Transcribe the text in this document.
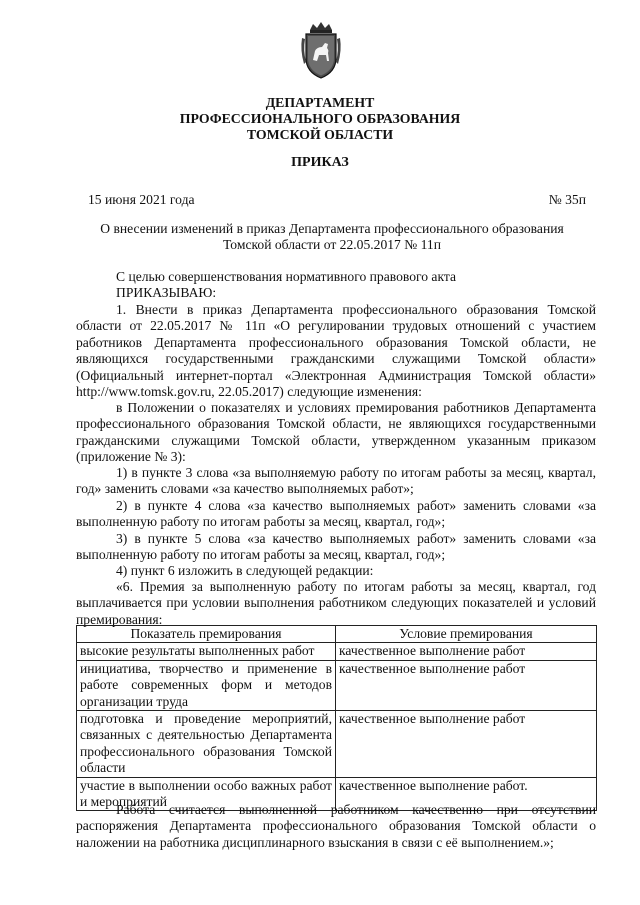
ДЕПАРТАМЕНТ
ПРОФЕССИОНАЛЬНОГО ОБРАЗОВАНИЯ
ТОМСКОЙ ОБЛАСТИ
ПРИКАЗ
15 июня 2021 года	№ 35п
О внесении изменений в приказ Департамента профессионального образования
Томской области от 22.05.2017 № 11п
С целью совершенствования нормативного правового акта
ПРИКАЗЫВАЮ:
1. Внести в приказ Департамента профессионального образования Томской области от 22.05.2017 № 11п «О регулировании трудовых отношений с участием работников Департамента профессионального образования Томской области, не являющихся государственными гражданскими служащими Томской области» (Официальный интернет-портал «Электронная Администрация Томской области» http://www.tomsk.gov.ru, 22.05.2017) следующие изменения:
в Положении о показателях и условиях премирования работников Департамента профессионального образования Томской области, не являющихся государственными гражданскими служащими Томской области, утвержденном указанным приказом (приложение № 3):
1) в пункте 3 слова «за выполняемую работу по итогам работы за месяц, квартал, год» заменить словами «за качество выполняемых работ»;
2) в пункте 4 слова «за качество выполняемых работ» заменить словами «за выполненную работу по итогам работы за месяц, квартал, год»;
3) в пункте 5 слова «за качество выполняемых работ» заменить словами «за выполненную работу по итогам работы за месяц, квартал, год»;
4) пункт 6 изложить в следующей редакции:
«6. Премия за выполненную работу по итогам работы за месяц, квартал, год выплачивается при условии выполнения работником следующих показателей и условий премирования:
Показатель премирования	Условие премирования
высокие результаты выполненных работ	качественное выполнение работ
инициатива, творчество и применение в работе современных форм и методов организации труда	качественное выполнение работ
подготовка и проведение мероприятий, связанных с деятельностью Департамента профессионального образования Томской области	качественное выполнение работ
участие в выполнении особо важных работ и мероприятий	качественное выполнение работ.
Работа считается выполненной работником качественно при отсутствии распоряжения Департамента профессионального образования Томской области о наложении на работника дисциплинарного взыскания в связи с её выполнением.»;
